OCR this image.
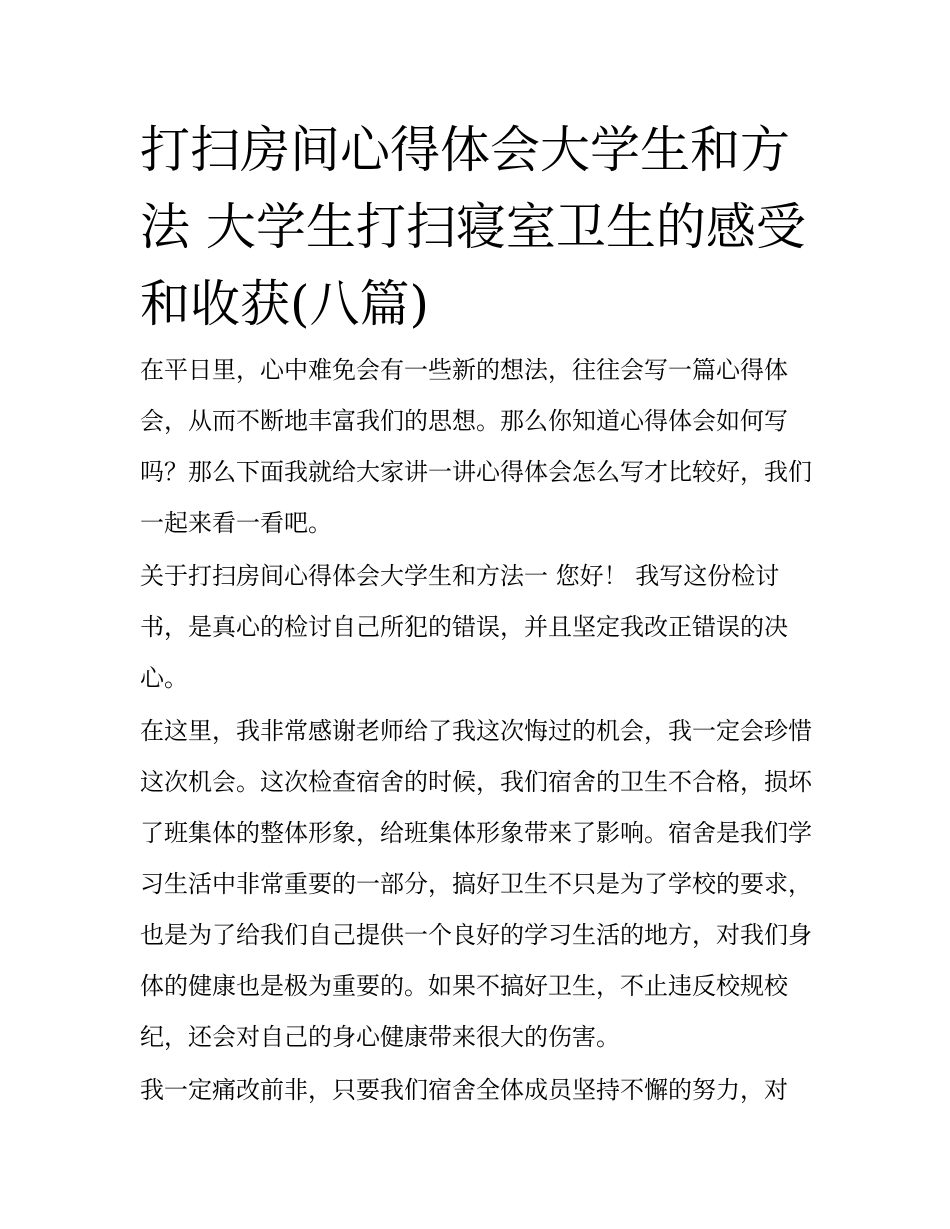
打扫房间心得体会大学生和方法 大学生打扫寝室卫生的感受和收获(八篇)

在平日里，心中难免会有一些新的想法，往往会写一篇心得体会，从而不断地丰富我们的思想。那么你知道心得体会如何写吗？那么下面我就给大家讲一讲心得体会怎么写才比较好，我们一起来看一看吧。

关于打扫房间心得体会大学生和方法一 您好！ 我写这份检讨书，是真心的检讨自己所犯的错误，并且坚定我改正错误的决心。

在这里，我非常感谢老师给了我这次悔过的机会，我一定会珍惜这次机会。这次检查宿舍的时候，我们宿舍的卫生不合格，损坏了班集体的整体形象，给班集体形象带来了影响。宿舍是我们学习生活中非常重要的一部分，搞好卫生不只是为了学校的要求，也是为了给我们自己提供一个良好的学习生活的地方，对我们身体的健康也是极为重要的。如果不搞好卫生，不止违反校规校纪，还会对自己的身心健康带来很大的伤害。

我一定痛改前非，只要我们宿舍全体成员坚持不懈的努力，对
